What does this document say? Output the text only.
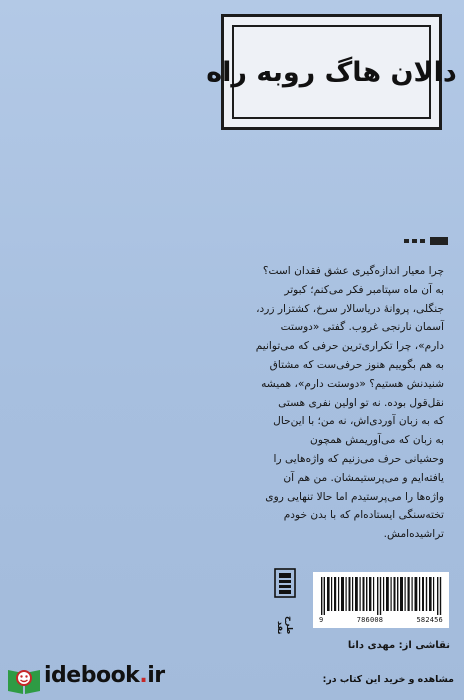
دالان هاگ روبه راه

چرا معیار اندازه‌گیری عشق فقدان است؟

به آن ماه سپتامبر فکر می‌کنم؛ کبوتر

جنگلی، پروانهٔ دریاسالار سرخ، کشتزار زرد،

آسمان نارنجی غروب. گفتی «دوستت

دارم»، چرا تکراری‌ترین حرفی که می‌توانیم

به هم بگوییم هنوز حرفی‌ست که مشتاق

شنیدنش هستیم؟ «دوستت دارم»، همیشه

نقل‌قول بوده. نه تو اولین نفری هستی

که به زبان آوردی‌اش، نه من؛ با این‌حال

به زبان که می‌آوریمش همچون

وحشیانی حرف می‌زنیم که واژه‌هایی را

یافته‌ایم و می‌پرستیمشان. من هم آن

واژه‌ها را می‌پرستیدم اما حالا تنهایی روی

تخته‌سنگی ایستاده‌ام که با بدن خودم

تراشیده‌امش.

طرح نقد
9	786008	582456
نقاشی از: مهدی دانا
idebook.ir	مشاهده و خرید این کتاب در:
